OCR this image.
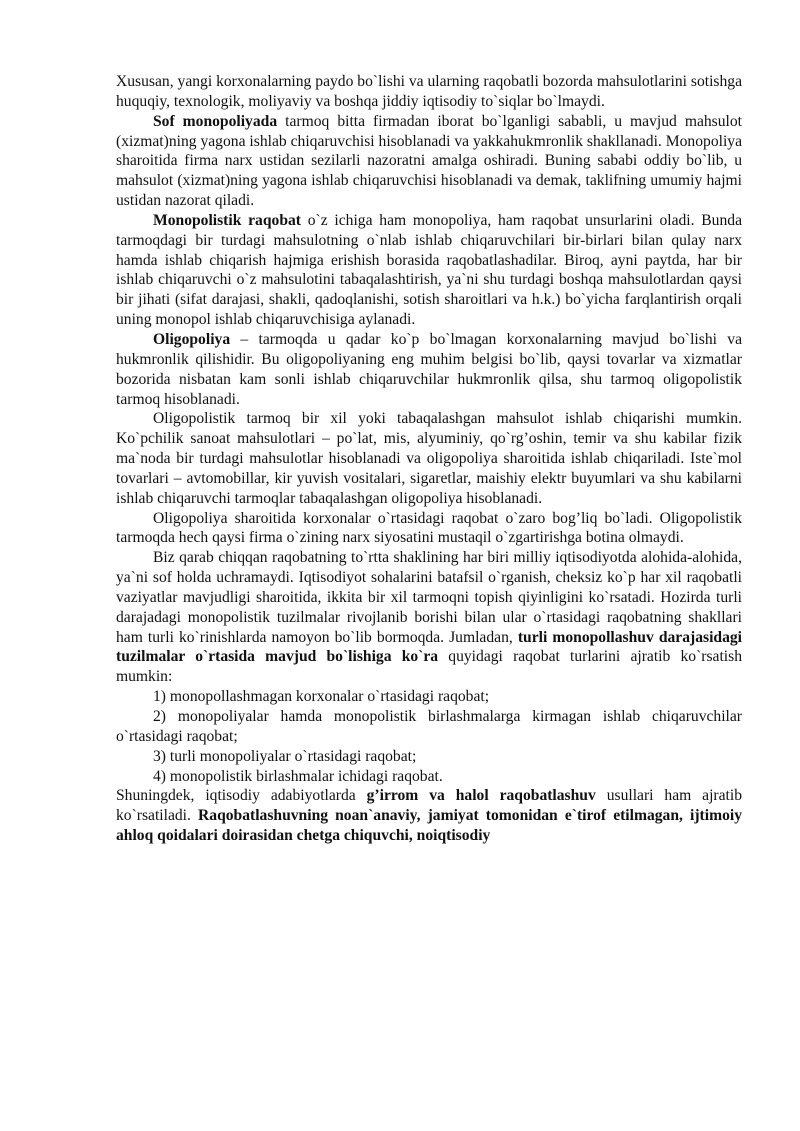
Xususan, yangi korxonalarning paydo bo`lishi va ularning raqobatli bozorda mahsulotlarini sotishga huquqiy, texnologik, moliyaviy va boshqa jiddiy iqtisodiy to`siqlar bo`lmaydi.

Sof monopoliyada tarmoq bitta firmadan iborat bo`lganligi sababli, u mavjud mahsulot (xizmat)ning yagona ishlab chiqaruvchisi hisoblanadi va yakkahukmronlik shakllanadi. Monopoliya sharoitida firma narx ustidan sezilarli nazoratni amalga oshiradi. Buning sababi oddiy bo`lib, u mahsulot (xizmat)ning yagona ishlab chiqaruvchisi hisoblanadi va demak, taklifning umumiy hajmi ustidan nazorat qiladi.

Monopolistik raqobat o`z ichiga ham monopoliya, ham raqobat unsurlarini oladi. Bunda tarmoqdagi bir turdagi mahsulotning o`nlab ishlab chiqaruvchilari bir-birlari bilan qulay narx hamda ishlab chiqarish hajmiga erishish borasida raqobatlashadilar. Biroq, ayni paytda, har bir ishlab chiqaruvchi o`z mahsulotini tabaqalashtirish, ya`ni shu turdagi boshqa mahsulotlardan qaysi bir jihati (sifat darajasi, shakli, qadoqlanishi, sotish sharoitlari va h.k.) bo`yicha farqlantirish orqali uning monopol ishlab chiqaruvchisiga aylanadi.

Oligopoliya – tarmoqda u qadar ko`p bo`lmagan korxonalarning mavjud bo`lishi va hukmronlik qilishidir. Bu oligopoliyaning eng muhim belgisi bo`lib, qaysi tovarlar va xizmatlar bozorida nisbatan kam sonli ishlab chiqaruvchilar hukmronlik qilsa, shu tarmoq oligopolistik tarmoq hisoblanadi.

Oligopolistik tarmoq bir xil yoki tabaqalashgan mahsulot ishlab chiqarishi mumkin. Ko`pchilik sanoat mahsulotlari – po`lat, mis, alyuminiy, qo`rg’oshin, temir va shu kabilar fizik ma`noda bir turdagi mahsulotlar hisoblanadi va oligopoliya sharoitida ishlab chiqariladi. Iste`mol tovarlari – avtomobillar, kir yuvish vositalari, sigaretlar, maishiy elektr buyumlari va shu kabilarni ishlab chiqaruvchi tarmoqlar tabaqalashgan oligopoliya hisoblanadi.

Oligopoliya sharoitida korxonalar o`rtasidagi raqobat o`zaro bog’liq bo`ladi. Oligopolistik tarmoqda hech qaysi firma o`zining narx siyosatini mustaqil o`zgartirishga botina olmaydi.

Biz qarab chiqqan raqobatning to`rtta shaklining har biri milliy iqtisodiyotda alohida-alohida, ya`ni sof holda uchramaydi. Iqtisodiyot sohalarini batafsil o`rganish, cheksiz ko`p har xil raqobatli vaziyatlar mavjudligi sharoitida, ikkita bir xil tarmoqni topish qiyinligini ko`rsatadi. Hozirda turli darajadagi monopolistik tuzilmalar rivojlanib borishi bilan ular o`rtasidagi raqobatning shakllari ham turli ko`rinishlarda namoyon bo`lib bormoqda. Jumladan, turli monopollashuv darajasidagi tuzilmalar o`rtasida mavjud bo`lishiga ko`ra quyidagi raqobat turlarini ajratib ko`rsatish mumkin:

1) monopollashmagan korxonalar o`rtasidagi raqobat;

2) monopoliyalar hamda monopolistik birlashmalarga kirmagan ishlab chiqaruvchilar o`rtasidagi raqobat;

3) turli monopoliyalar o`rtasidagi raqobat;

4) monopolistik birlashmalar ichidagi raqobat.

Shuningdek, iqtisodiy adabiyotlarda g’irrom va halol raqobatlashuv usullari ham ajratib ko`rsatiladi. Raqobatlashuvning noan`anaviy, jamiyat tomonidan e`tirof etilmagan, ijtimoiy ahloq qoidalari doirasidan chetga chiquvchi, noiqtisodiy
